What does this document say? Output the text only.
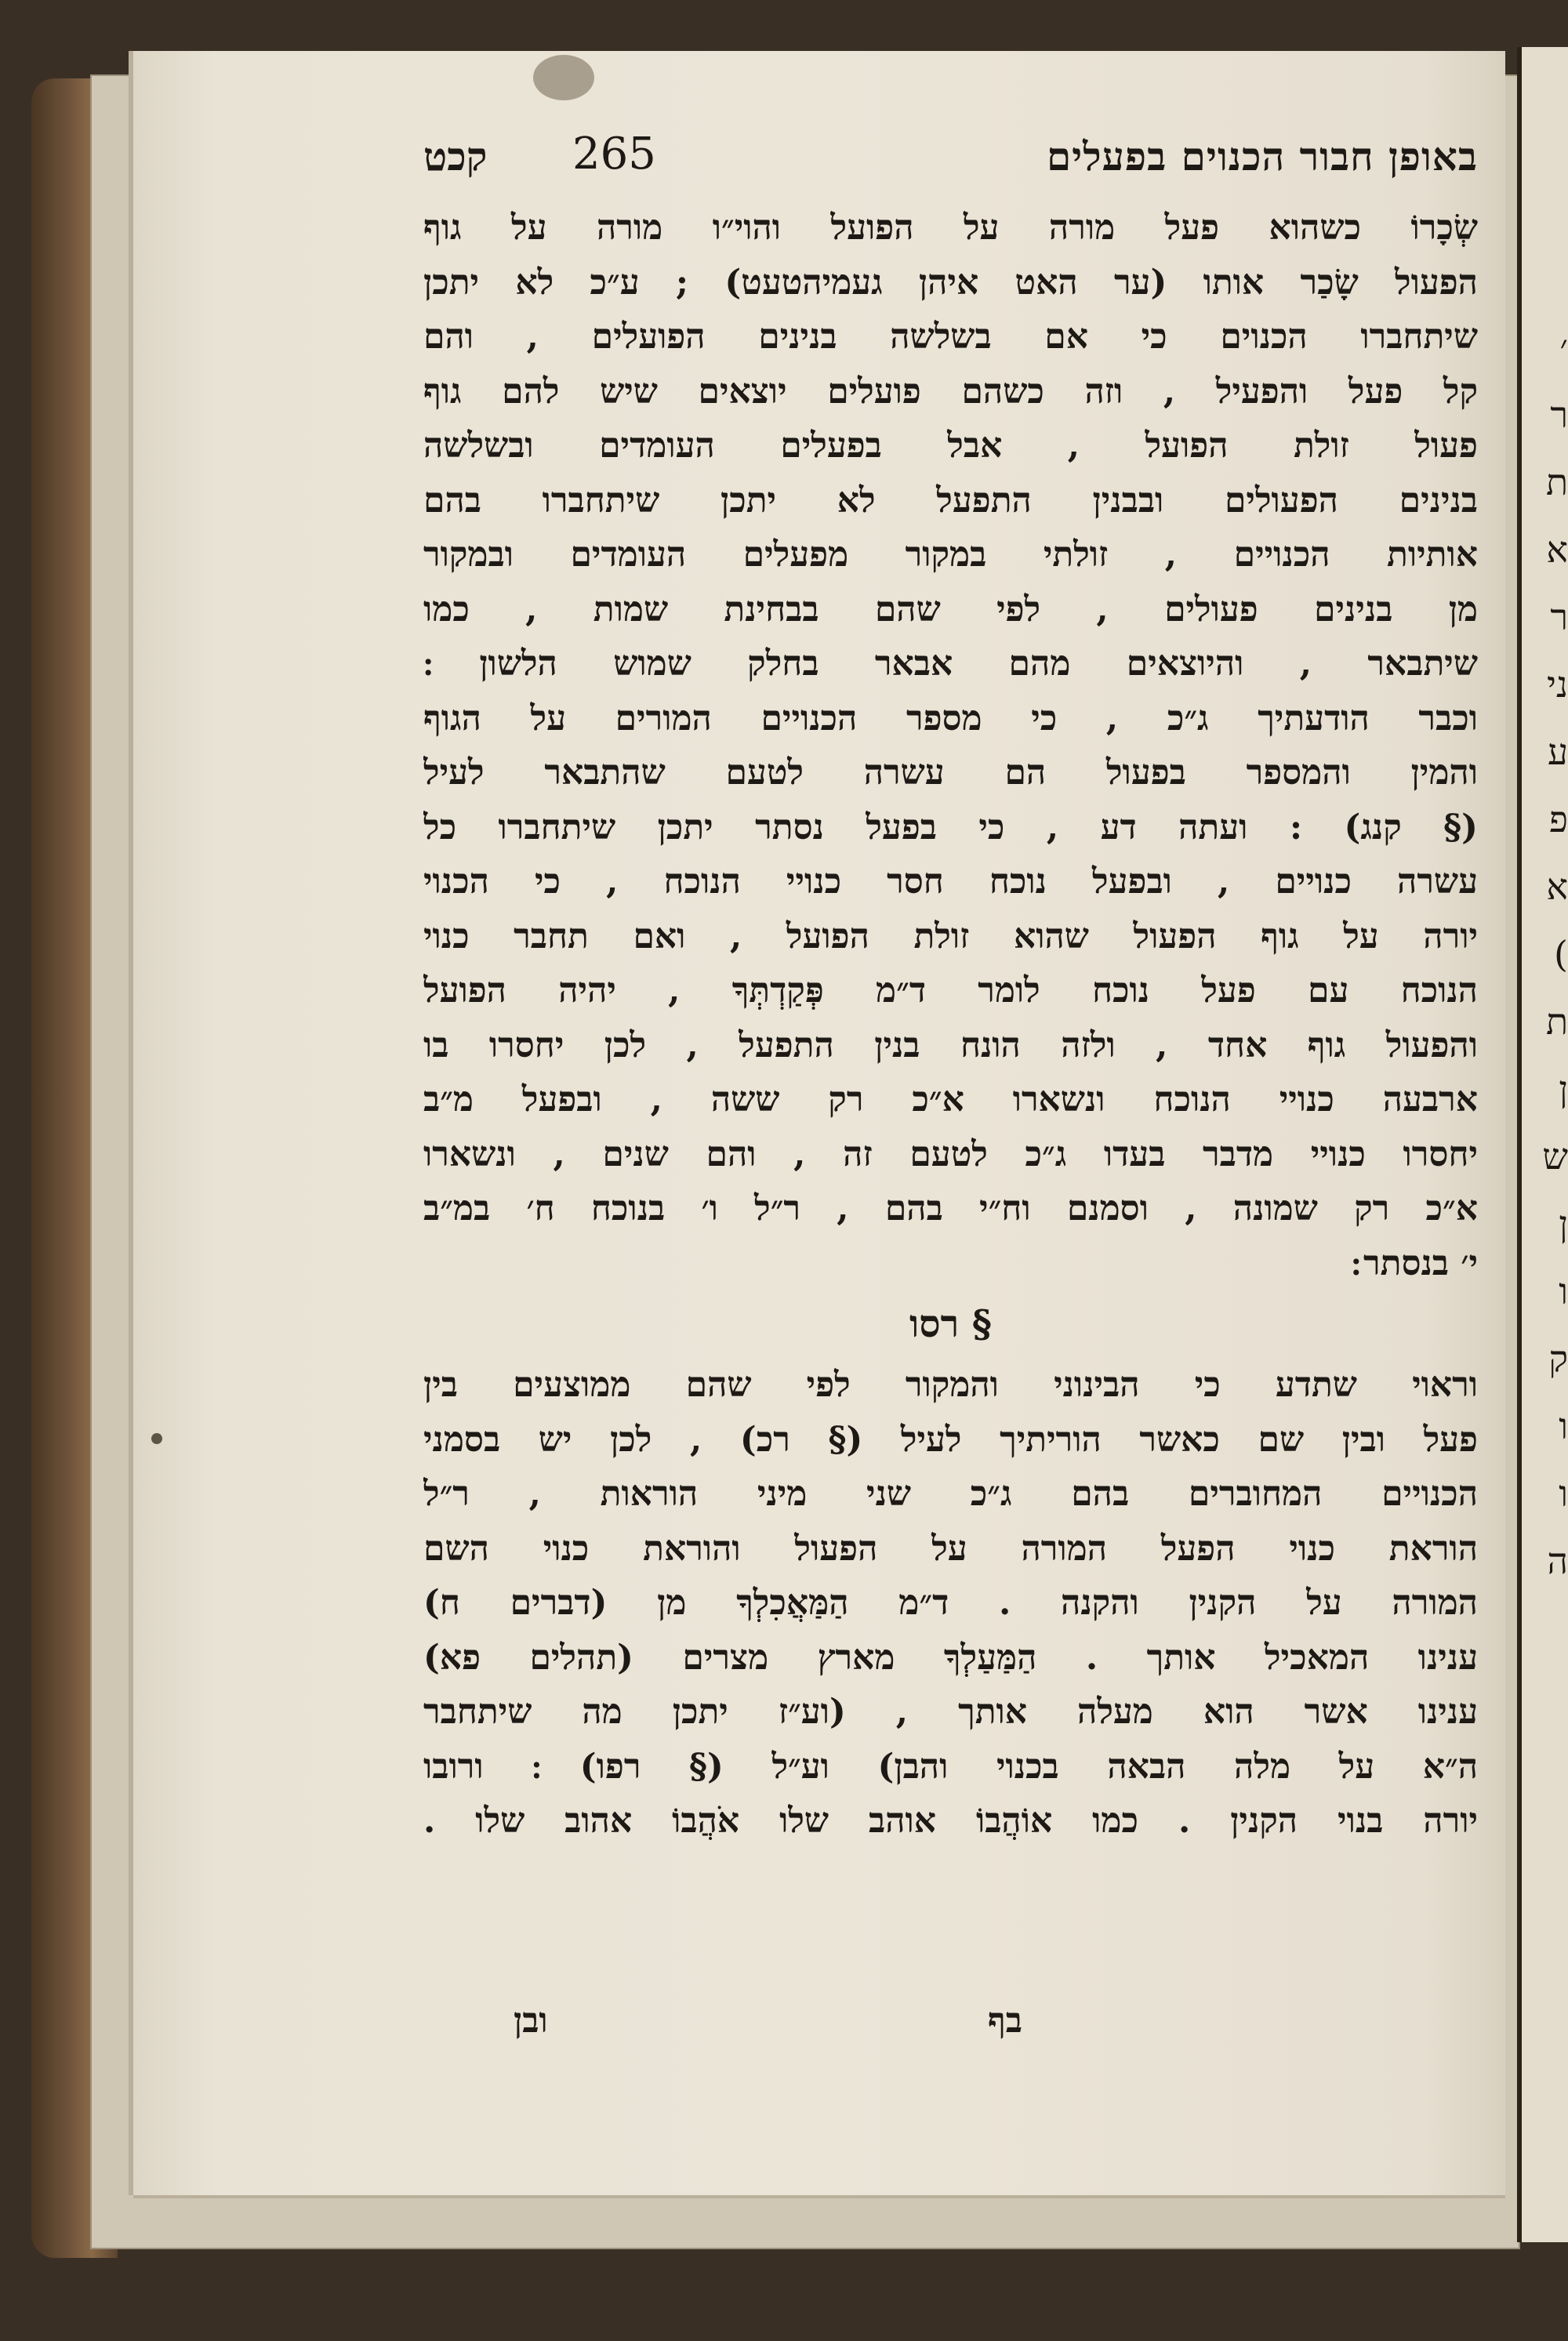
׳
ר
ת
א
ר
ני
ע
פ
א
)
ת
ן
ש
ן
ו
ק
ו
ו
ה
באופן חבור הכנוים בפעלים
265
קכט
שְׂכָרוֹ כשהוא פעל מורה על הפועל והוי״ו מורה על גוף
הפעול שָׂכַר אותו (ער האט איהן געמיהטעט) ; ע״כ לא יתכן
שיתחברו הכנוים כי אם בשלשה בנינים הפועלים , והם
קל פעל והפעיל , וזה כשהם פועלים יוצאים שיש להם גוף
פעול זולת הפועל , אבל בפעלים העומדים ובשלשה
בנינים הפעולים ובבנין התפעל לא יתכן שיתחברו בהם
אותיות הכנויים , זולתי במקור מפעלים העומדים ובמקור
מן בנינים פעולים , לפי שהם בבחינת שמות , כמו
שיתבאר , והיוצאים מהם אבאר בחלק שמוש הלשון ׃
וכבר הודעתיך ג״כ , כי מספר הכנויים המורים על הגוף
והמין והמספר בפעול הם עשרה לטעם שהתבאר לעיל
(§ קנג) : ועתה דע , כי בפעל נסתר יתכן שיתחברו כל
עשרה כנויים , ובפעל נוכח חסר כנויי הנוכח , כי הכנוי
יורה על גוף הפעול שהוא זולת הפועל , ואם תחבר כנוי
הנוכח עם פעל נוכח לומר ד״מ פְּקַדְתְּךָ , יהיה הפועל
והפעול גוף אחד , ולזה הונח בנין התפעל , לכן יחסרו בו
ארבעה כנויי הנוכח ונשארו א״כ רק ששה , ובפעל מ״ב
יחסרו כנויי מדבר בעדו ג״כ לטעם זה , והם שנים , ונשארו
א״כ רק שמונה , וסמנם וח״י בהם , ר״ל ו׳ בנוכח ח׳ במ״ב
י׳ בנסתר ׃
§ רסו
וראוי שתדע כי הבינוני והמקור לפי שהם ממוצעים בין
פעל ובין שם כאשר הוריתיך לעיל (§ רכ) , לכן יש בסמני
הכנויים המחוברים בהם ג״כ שני מיני הוראות , ר״ל
הוראת כנוי הפעל המורה על הפעול והוראת כנוי השם
המורה על הקנין והקנה . ד״מ הַמַּאֲכִלְךָ מן (דברים ח)
ענינו המאכיל אותך . הַמַּעַלְךָ מארץ מצרים (תהלים פא)
ענינו אשר הוא מעלה אותך , (וע״ז יתכן מה שיתחבר
ה״א על מלה הבאה בכנוי והבן) וע״ל (§ רפו) ׃ ורובו
יורה בנוי הקנין . כמו אוֹהֲבוֹ אוהב שלו אֹהֲבוֹ אהוב שלו .
בף
ובן
